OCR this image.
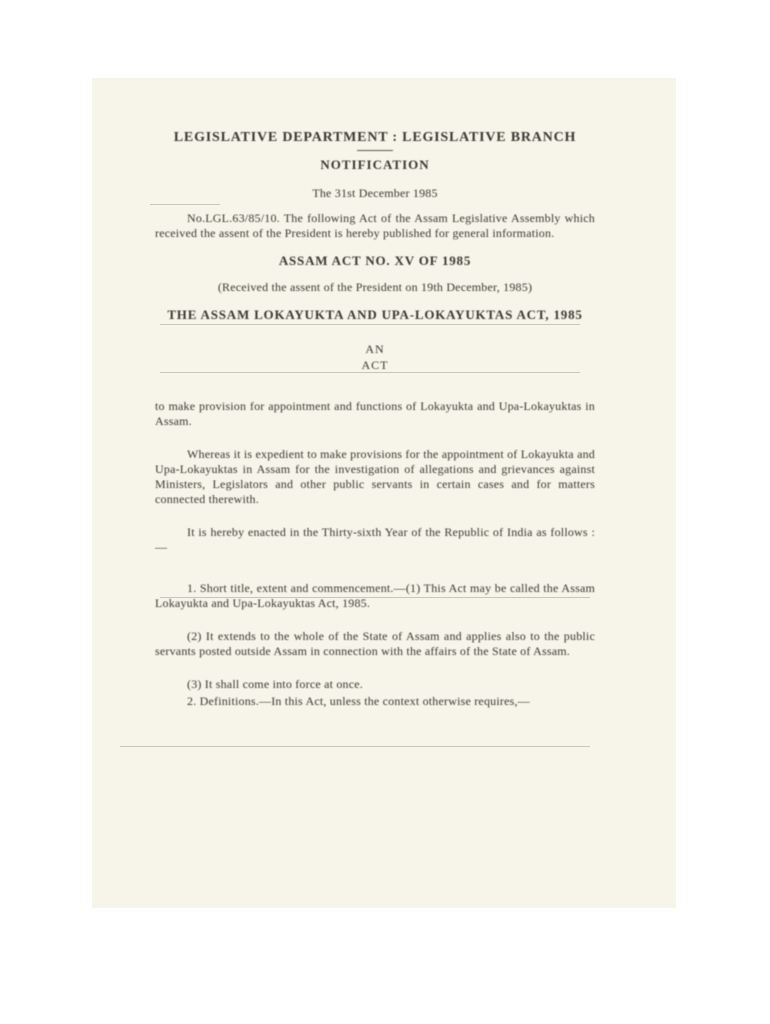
LEGISLATIVE DEPARTMENT : LEGISLATIVE BRANCH
NOTIFICATION
The 31st December 1985

No.LGL.63/85/10. The following Act of the Assam Legislative Assembly which received the assent of the President is hereby published for general information.

ASSAM ACT NO. XV OF 1985
(Received the assent of the President on 19th December, 1985)
THE ASSAM LOKAYUKTA AND UPA-LOKAYUKTAS ACT, 1985
AN
ACT

to make provision for appointment and functions of Lokayukta and Upa-Lokayuktas in Assam.

Whereas it is expedient to make provisions for the appointment of Lokayukta and Upa-Lokayuktas in Assam for the investigation of allegations and grievances against Ministers, Legislators and other public servants in certain cases and for matters connected therewith.

It is hereby enacted in the Thirty-sixth Year of the Republic of India as follows :—

1. Short title, extent and commencement.—(1) This Act may be called the Assam Lokayukta and Upa-Lokayuktas Act, 1985.

(2) It extends to the whole of the State of Assam and applies also to the public servants posted outside Assam in connection with the affairs of the State of Assam.

(3) It shall come into force at once.

2. Definitions.—In this Act, unless the context otherwise requires,—
